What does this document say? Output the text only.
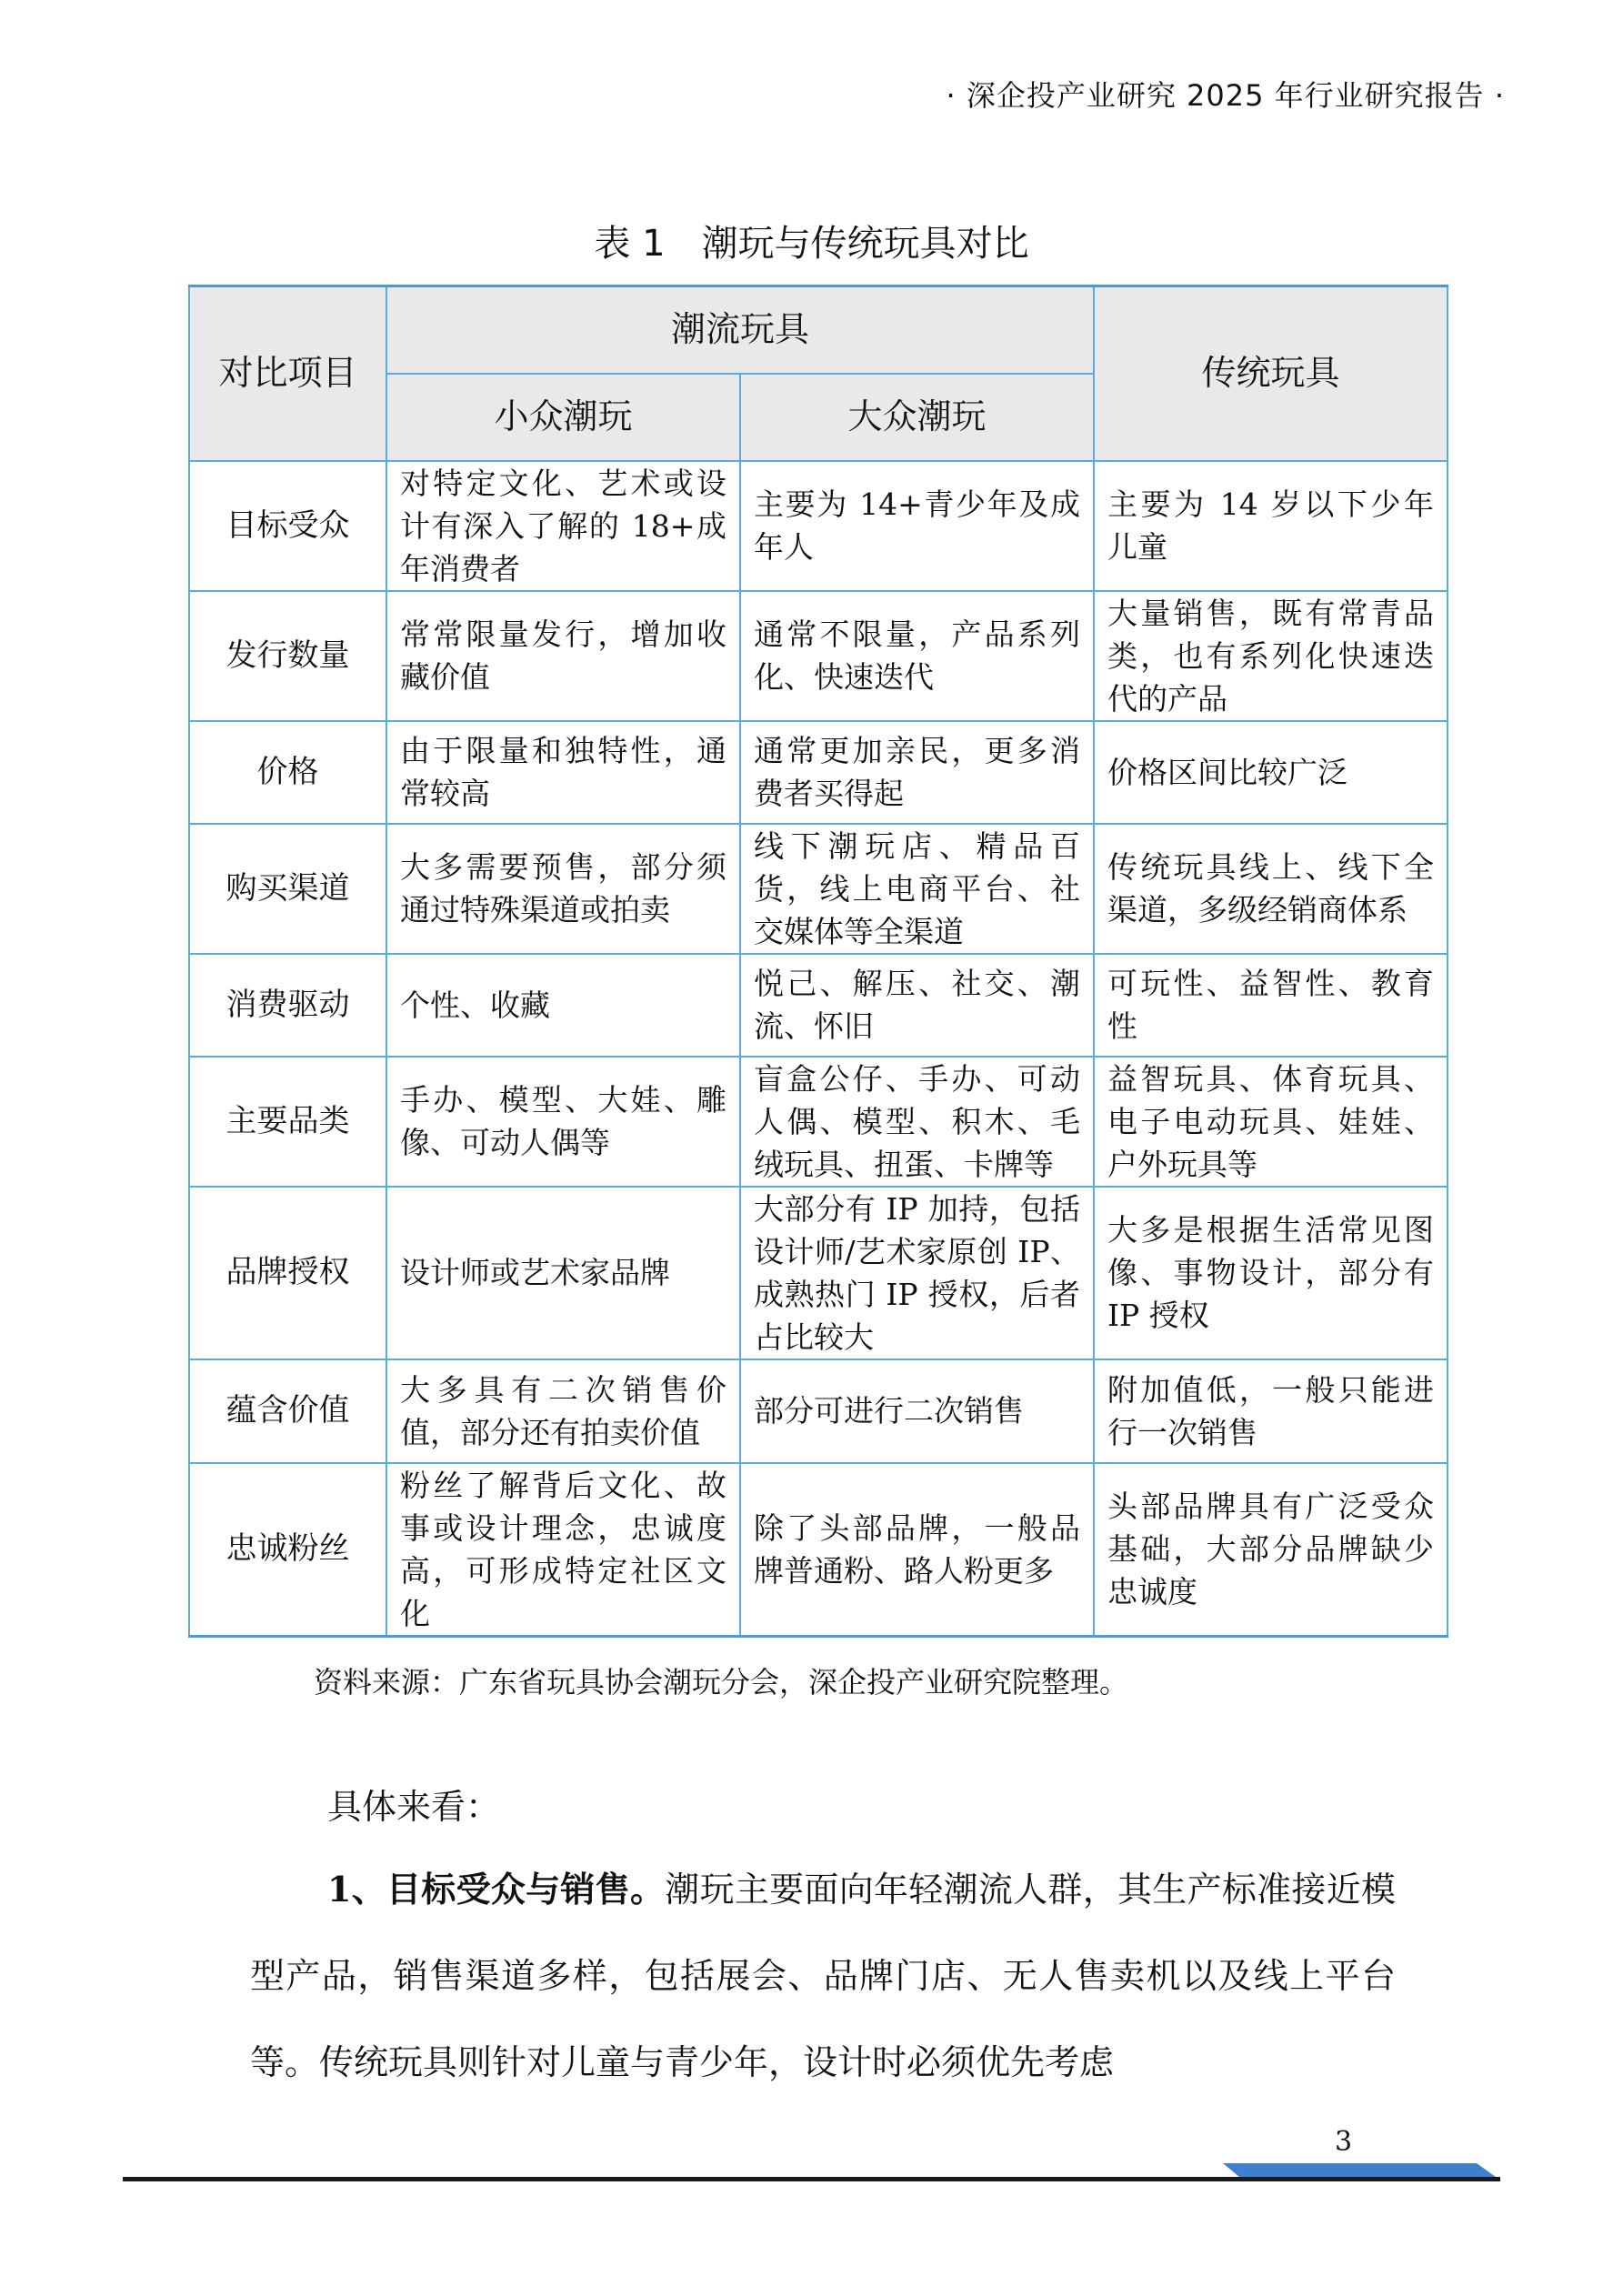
· 深企投产业研究 2025 年行业研究报告 ·
表 1 潮玩与传统玩具对比
对比项目	潮流玩具		传统玩具
	小众潮玩	大众潮玩	
目标受众	对特定文化、艺术或设计有深入了解的 18+成年消费者	主要为 14+青少年及成年人	主要为 14 岁以下少年儿童
发行数量	常常限量发行，增加收藏价值	通常不限量，产品系列化、快速迭代	大量销售，既有常青品类，也有系列化快速迭代的产品
价格	由于限量和独特性，通常较高	通常更加亲民，更多消费者买得起	价格区间比较广泛
购买渠道	大多需要预售，部分须通过特殊渠道或拍卖	线下潮玩店、精品百货，线上电商平台、社交媒体等全渠道	传统玩具线上、线下全渠道，多级经销商体系
消费驱动	个性、收藏	悦己、解压、社交、潮流、怀旧	可玩性、益智性、教育性
主要品类	手办、模型、大娃、雕像、可动人偶等	盲盒公仔、手办、可动人偶、模型、积木、毛绒玩具、扭蛋、卡牌等	益智玩具、体育玩具、电子电动玩具、娃娃、户外玩具等
品牌授权	设计师或艺术家品牌	大部分有 IP 加持，包括设计师/艺术家原创 IP、成熟热门 IP 授权，后者占比较大	大多是根据生活常见图像、事物设计，部分有 IP 授权
蕴含价值	大多具有二次销售价值，部分还有拍卖价值	部分可进行二次销售	附加值低，一般只能进行一次销售
忠诚粉丝	粉丝了解背后文化、故事或设计理念，忠诚度高，可形成特定社区文化	除了头部品牌，一般品牌普通粉、路人粉更多	头部品牌具有广泛受众基础，大部分品牌缺少忠诚度
资料来源：广东省玩具协会潮玩分会，深企投产业研究院整理。
具体来看：
1、目标受众与销售。潮玩主要面向年轻潮流人群，其生产标准接近模型产品，销售渠道多样，包括展会、品牌门店、无人售卖机以及线上平台等。传统玩具则针对儿童与青少年，设计时必须优先考虑
3
